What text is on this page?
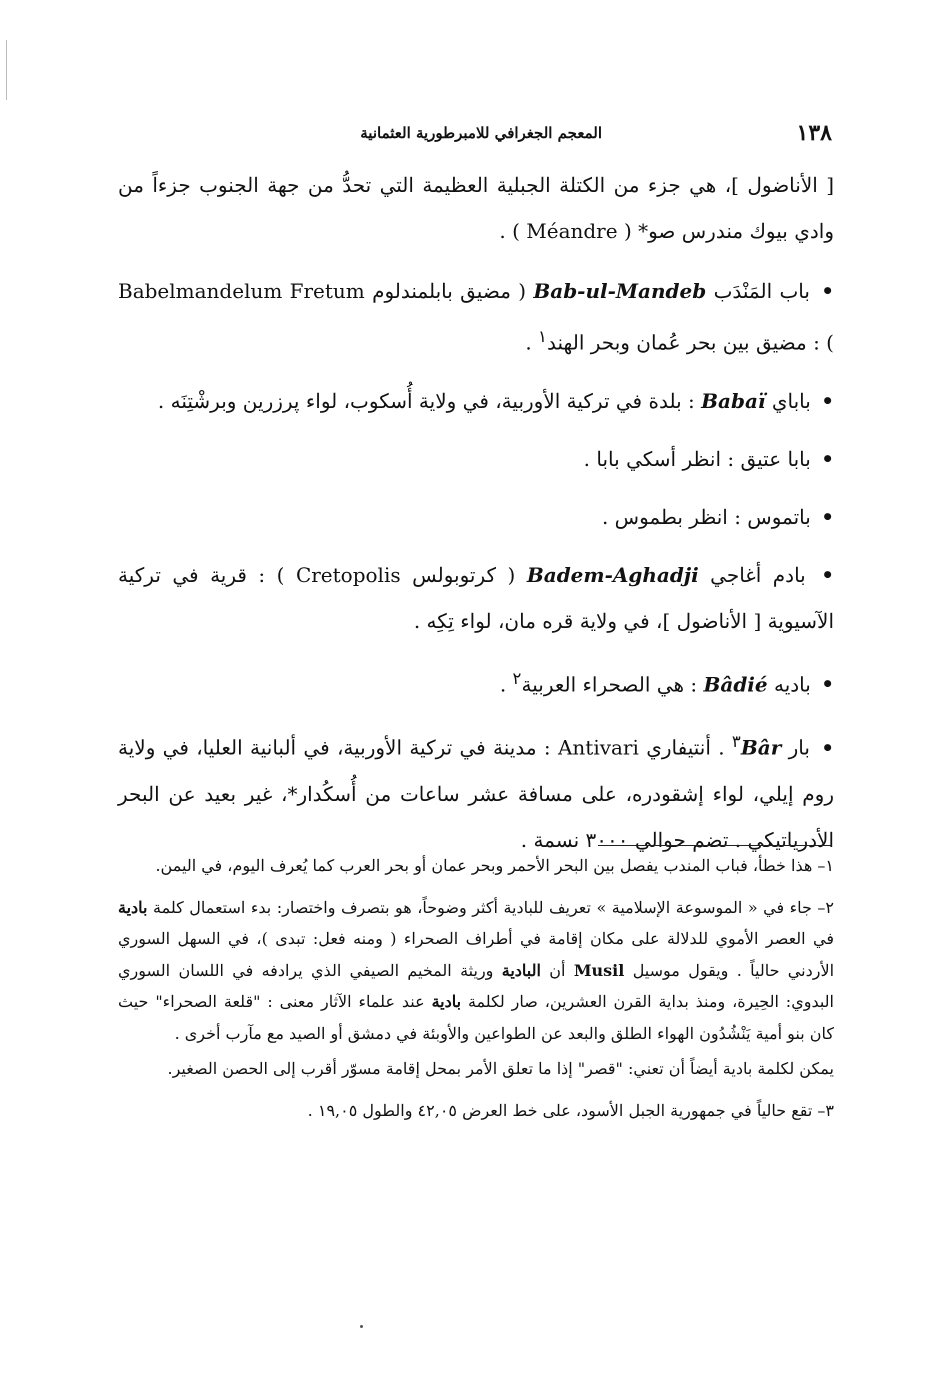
١٣٨
المعجم الجغرافي للامبرطورية العثمانية

[ الأناضول ]، هي جزء من الكتلة الجبلية العظيمة التي تحدُّ من جهة الجنوب جزءاً من وادي بيوك مندرس صو* ( Méandre ) .

• باب المَنْدَب Bab-ul-Mandeb ( مضيق بابلمندلوم Babelmandelum Fretum ) : مضيق بين بحر عُمان وبحر الهند$^١$ .

• باباي Babaï : بلدة في تركية الأوربية، في ولاية أُسكوب، لواء پرزرين وبرشْتِنَه .

• بابا عتيق : انظر أسكي بابا .

• باتموس : انظر بطموس .

• بادم أغاجي Badem-Aghadji ( كرتوبولس Cretopolis ) : قرية في تركية الآسيوية [ الأناضول ]، في ولاية قره مان، لواء تِكِه .

• باديه Bâdié : هي الصحراء العربية$^٢$ .

• بار Bâr$^٣$ . أنتيفاري Antivari : مدينة في تركية الأوربية، في ألبانية العليا، في ولاية روم إيلي، لواء إشقودره، على مسافة عشر ساعات من أُسكُدار*، غير بعيد عن البحر الأدرياتيكي . تضم حوالي ٣٠٠٠ نسمة .

١– هذا خطأ، فباب المندب يفصل بين البحر الأحمر وبحر عمان أو بحر العرب كما يُعرف اليوم، في اليمن.

٢– جاء في « الموسوعة الإسلامية » تعريف للبادية أكثر وضوحاً، هو بتصرف واختصار: بدء استعمال كلمة بادية في العصر الأموي للدلالة على مكان إقامة في أطراف الصحراء ( ومنه فعل: تبدى )، في السهل السوري الأردني حالياً . ويقول موسيل Musil أن البادية وريثة المخيم الصيفي الذي يرادفه في اللسان السوري البدوي: الحِيرة، ومنذ بداية القرن العشرين، صار لكلمة بادية عند علماء الآثار معنى : "قلعة الصحراء" حيث كان بنو أمية يَنْشُدُون الهواء الطلق والبعد عن الطواعين والأوبئة في دمشق أو الصيد مع مآرب أخرى .

يمكن لكلمة بادية أيضاً أن تعني: "قصر" إذا ما تعلق الأمر بمحل إقامة مسوّر أقرب إلى الحصن الصغير.

٣– تقع حالياً في جمهورية الجبل الأسود، على خط العرض ٤٢,٠٥ والطول ١٩,٠٥ .
